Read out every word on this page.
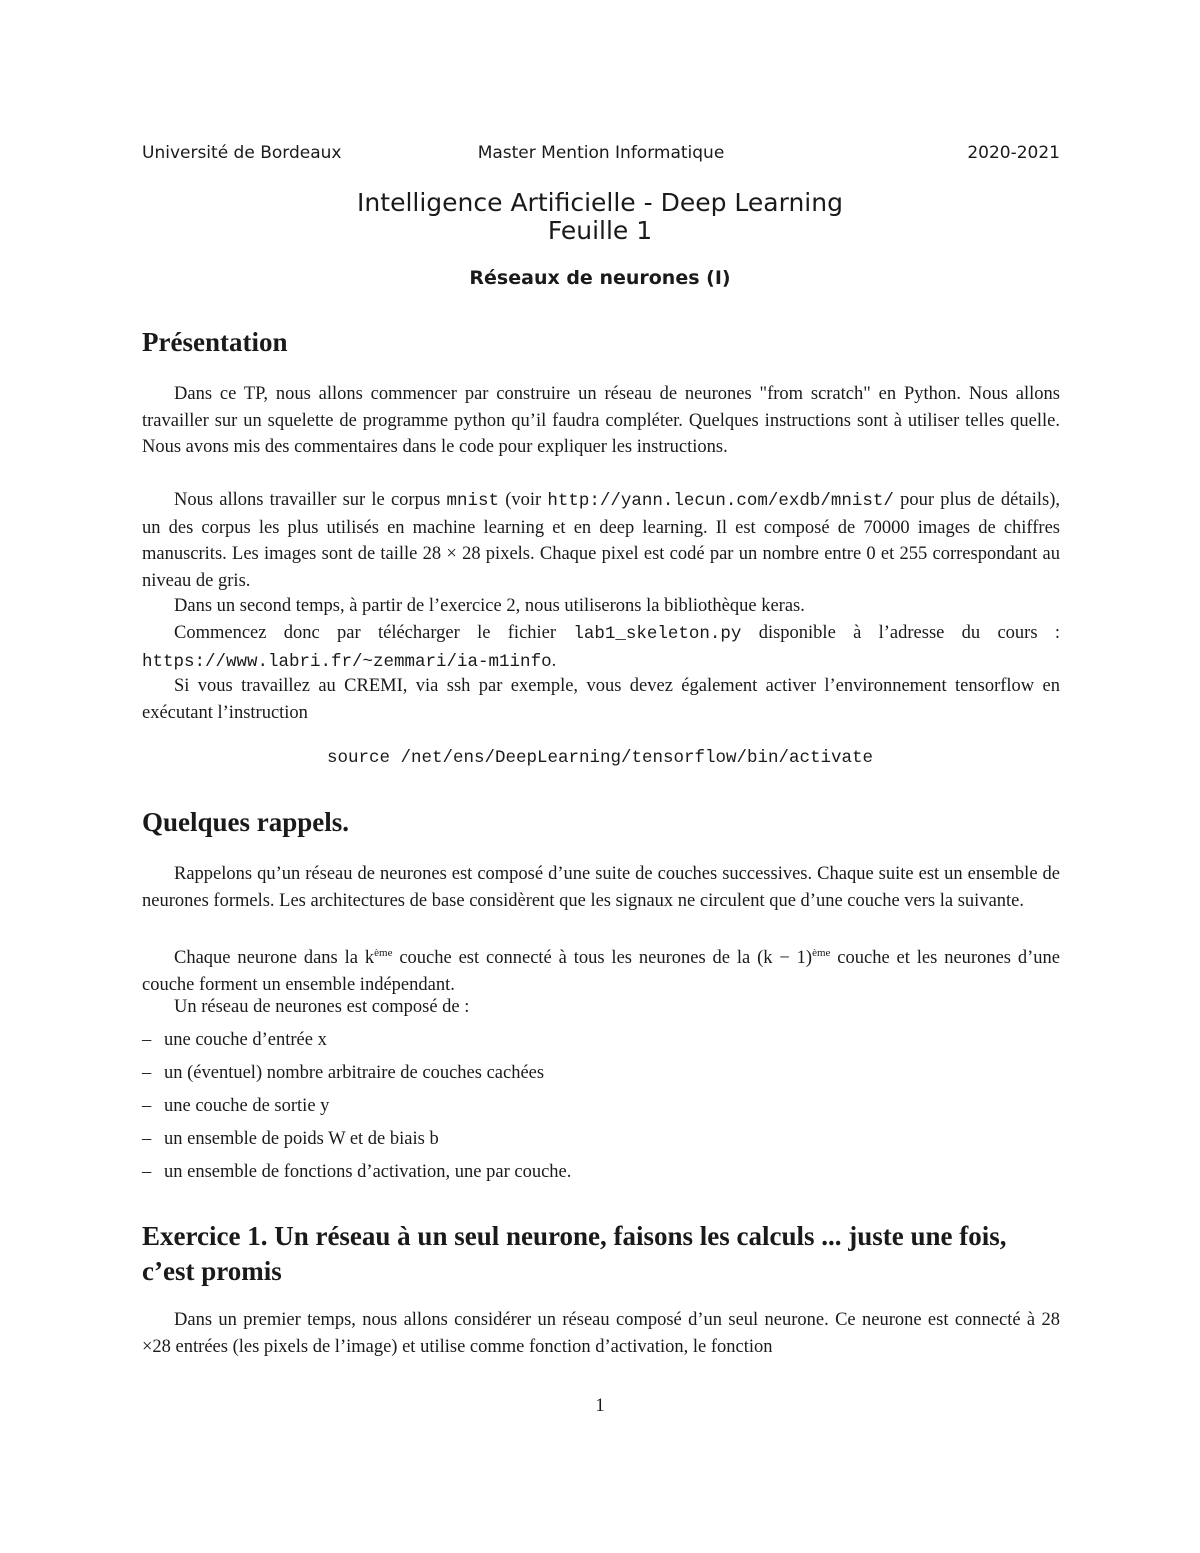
Université de Bordeaux	Master Mention Informatique	2020-2021
Intelligence Artificielle - Deep Learning
Feuille 1
Réseaux de neurones (I)
Présentation

Dans ce TP, nous allons commencer par construire un réseau de neurones "from scratch" en Python. Nous allons travailler sur un squelette de programme python qu’il faudra compléter. Quelques instructions sont à utiliser telles quelle. Nous avons mis des commentaires dans le code pour expliquer les instructions.

Nous allons travailler sur le corpus mnist (voir http://yann.lecun.com/exdb/mnist/ pour plus de détails), un des corpus les plus utilisés en machine learning et en deep learning. Il est composé de 70000 images de chiffres manuscrits. Les images sont de taille 28 × 28 pixels. Chaque pixel est codé par un nombre entre 0 et 255 correspondant au niveau de gris.

Dans un second temps, à partir de l’exercice 2, nous utiliserons la bibliothèque keras.

Commencez donc par télécharger le fichier lab1_skeleton.py disponible à l’adresse du cours : https://www.labri.fr/~zemmari/ia-m1info.

Si vous travaillez au CREMI, via ssh par exemple, vous devez également activer l’environnement tensorflow en exécutant l’instruction

source /net/ens/DeepLearning/tensorflow/bin/activate
Quelques rappels.

Rappelons qu’un réseau de neurones est composé d’une suite de couches successives. Chaque suite est un ensemble de neurones formels. Les architectures de base considèrent que les signaux ne circulent que d’une couche vers la suivante.

Chaque neurone dans la $k^{ème}$ couche est connecté à tous les neurones de la $(k - 1)^{ème}$ couche et les neurones d’une couche forment un ensemble indépendant.

Un réseau de neurones est composé de :

– une couche d’entrée x
– un (éventuel) nombre arbitraire de couches cachées
– une couche de sortie y
– un ensemble de poids W et de biais b
– un ensemble de fonctions d’activation, une par couche.
Exercice 1. Un réseau à un seul neurone, faisons les calculs ... juste une fois, c’est promis

Dans un premier temps, nous allons considérer un réseau composé d’un seul neurone. Ce neurone est connecté à 28 ×28 entrées (les pixels de l’image) et utilise comme fonction d’activation, le fonction

1
